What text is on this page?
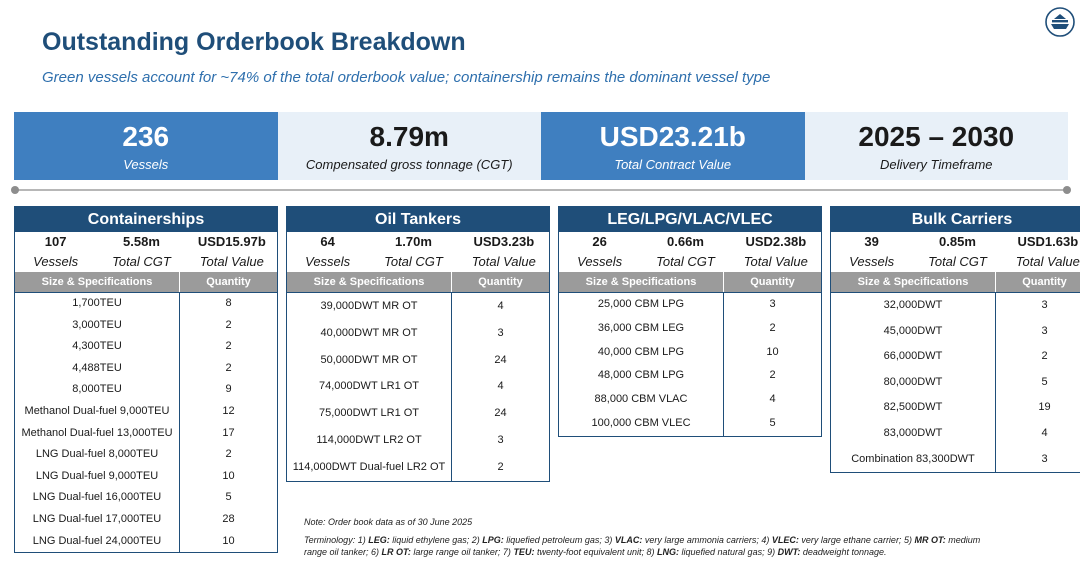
Outstanding Orderbook Breakdown
Green vessels account for ~74% of the total orderbook value; containership remains the dominant vessel type
236
Vessels
8.79m
Compensated gross tonnage (CGT)
USD23.21b
Total Contract Value
2025 – 2030
Delivery Timeframe
Containerships
107
Vessels
5.58m
Total CGT
USD15.97b
Total Value
Size & Specifications	Quantity
1,700TEU	8
3,000TEU	2
4,300TEU	2
4,488TEU	2
8,000TEU	9
Methanol Dual-fuel 9,000TEU	12
Methanol Dual-fuel 13,000TEU	17
LNG Dual-fuel 8,000TEU	2
LNG Dual-fuel 9,000TEU	10
LNG Dual-fuel 16,000TEU	5
LNG Dual-fuel 17,000TEU	28
LNG Dual-fuel 24,000TEU	10
Oil Tankers
64
Vessels
1.70m
Total CGT
USD3.23b
Total Value
Size & Specifications	Quantity
39,000DWT MR OT	4
40,000DWT MR OT	3
50,000DWT MR OT	24
74,000DWT LR1 OT	4
75,000DWT LR1 OT	24
114,000DWT LR2 OT	3
114,000DWT Dual-fuel LR2 OT	2
LEG/LPG/VLAC/VLEC
26
Vessels
0.66m
Total CGT
USD2.38b
Total Value
Size & Specifications	Quantity
25,000 CBM LPG	3
36,000 CBM LEG	2
40,000 CBM LPG	10
48,000 CBM LPG	2
88,000 CBM VLAC	4
100,000 CBM VLEC	5
Bulk Carriers
39
Vessels
0.85m
Total CGT
USD1.63b
Total Value
Size & Specifications	Quantity
32,000DWT	3
45,000DWT	3
66,000DWT	2
80,000DWT	5
82,500DWT	19
83,000DWT	4
Combination 83,300DWT	3
Note: Order book data as of 30 June 2025
Terminology: 1) LEG: liquid ethylene gas; 2) LPG: liquefied petroleum gas; 3) VLAC: very large ammonia carriers; 4) VLEC: very large ethane carrier; 5) MR OT: medium range oil tanker; 6) LR OT: large range oil tanker; 7) TEU: twenty-foot equivalent unit; 8) LNG: liquefied natural gas; 9) DWT: deadweight tonnage.
